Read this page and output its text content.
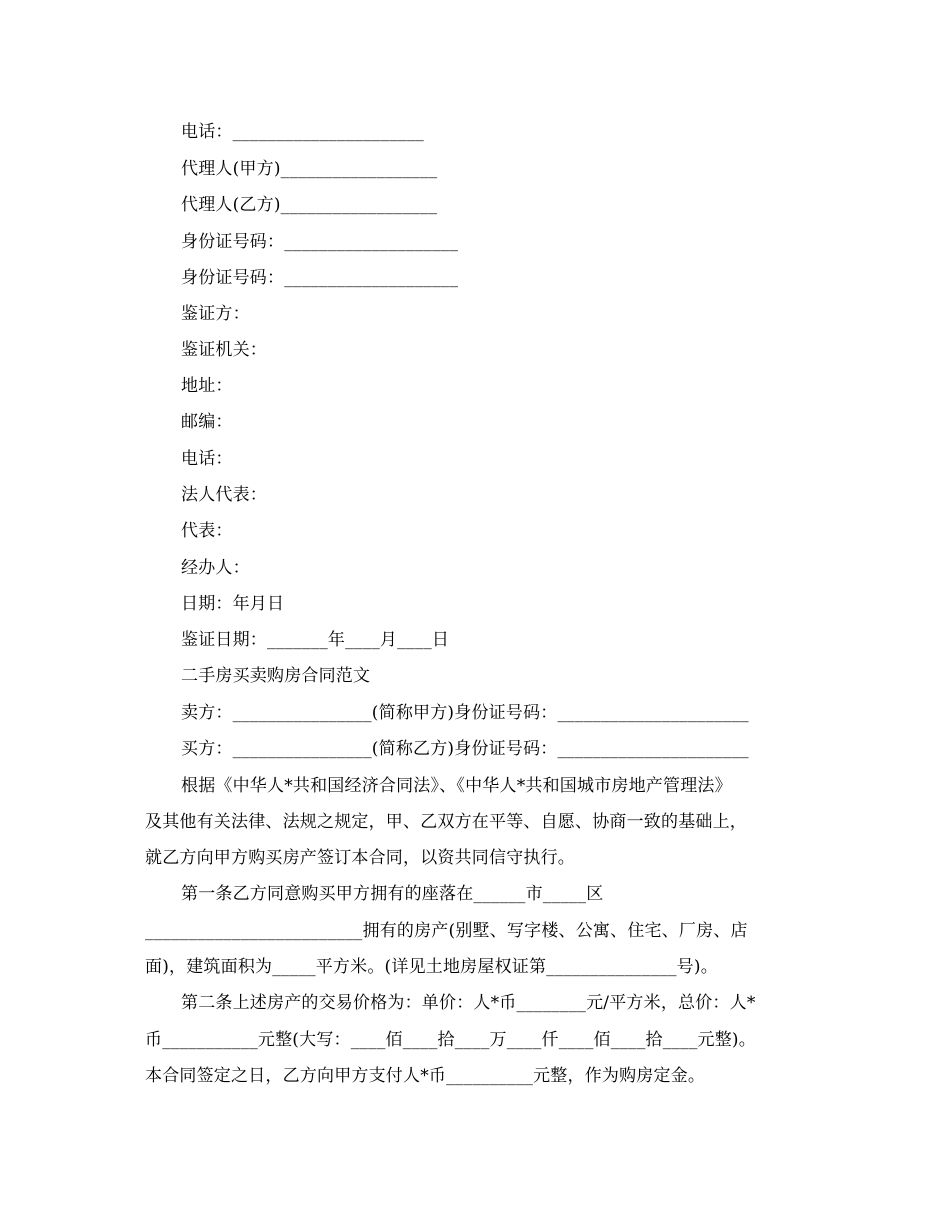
电话：______________________
代理人(甲方)__________________
代理人(乙方)__________________
身份证号码：____________________
身份证号码：____________________
鉴证方：
鉴证机关：
地址：
邮编：
电话：
法人代表：
代表：
经办人：
日期：年月日
鉴证日期：_______年____月____日
二手房买卖购房合同范文
卖方：________________(简称甲方)身份证号码：______________________
买方：________________(简称乙方)身份证号码：______________________
根据《中华人*共和国经济合同法》、《中华人*共和国城市房地产管理法》
及其他有关法律、法规之规定，甲、乙双方在平等、自愿、协商一致的基础上，
就乙方向甲方购买房产签订本合同，以资共同信守执行。
第一条乙方同意购买甲方拥有的座落在______市_____区
_________________________拥有的房产(别墅、写字楼、公寓、住宅、厂房、店
面)，建筑面积为_____平方米。(详见土地房屋权证第_______________号)。
第二条上述房产的交易价格为：单价：人*币________元/平方米，总价：人*
币___________元整(大写：____佰____拾____万____仟____佰____拾____元整)。
本合同签定之日，乙方向甲方支付人*币__________元整，作为购房定金。
